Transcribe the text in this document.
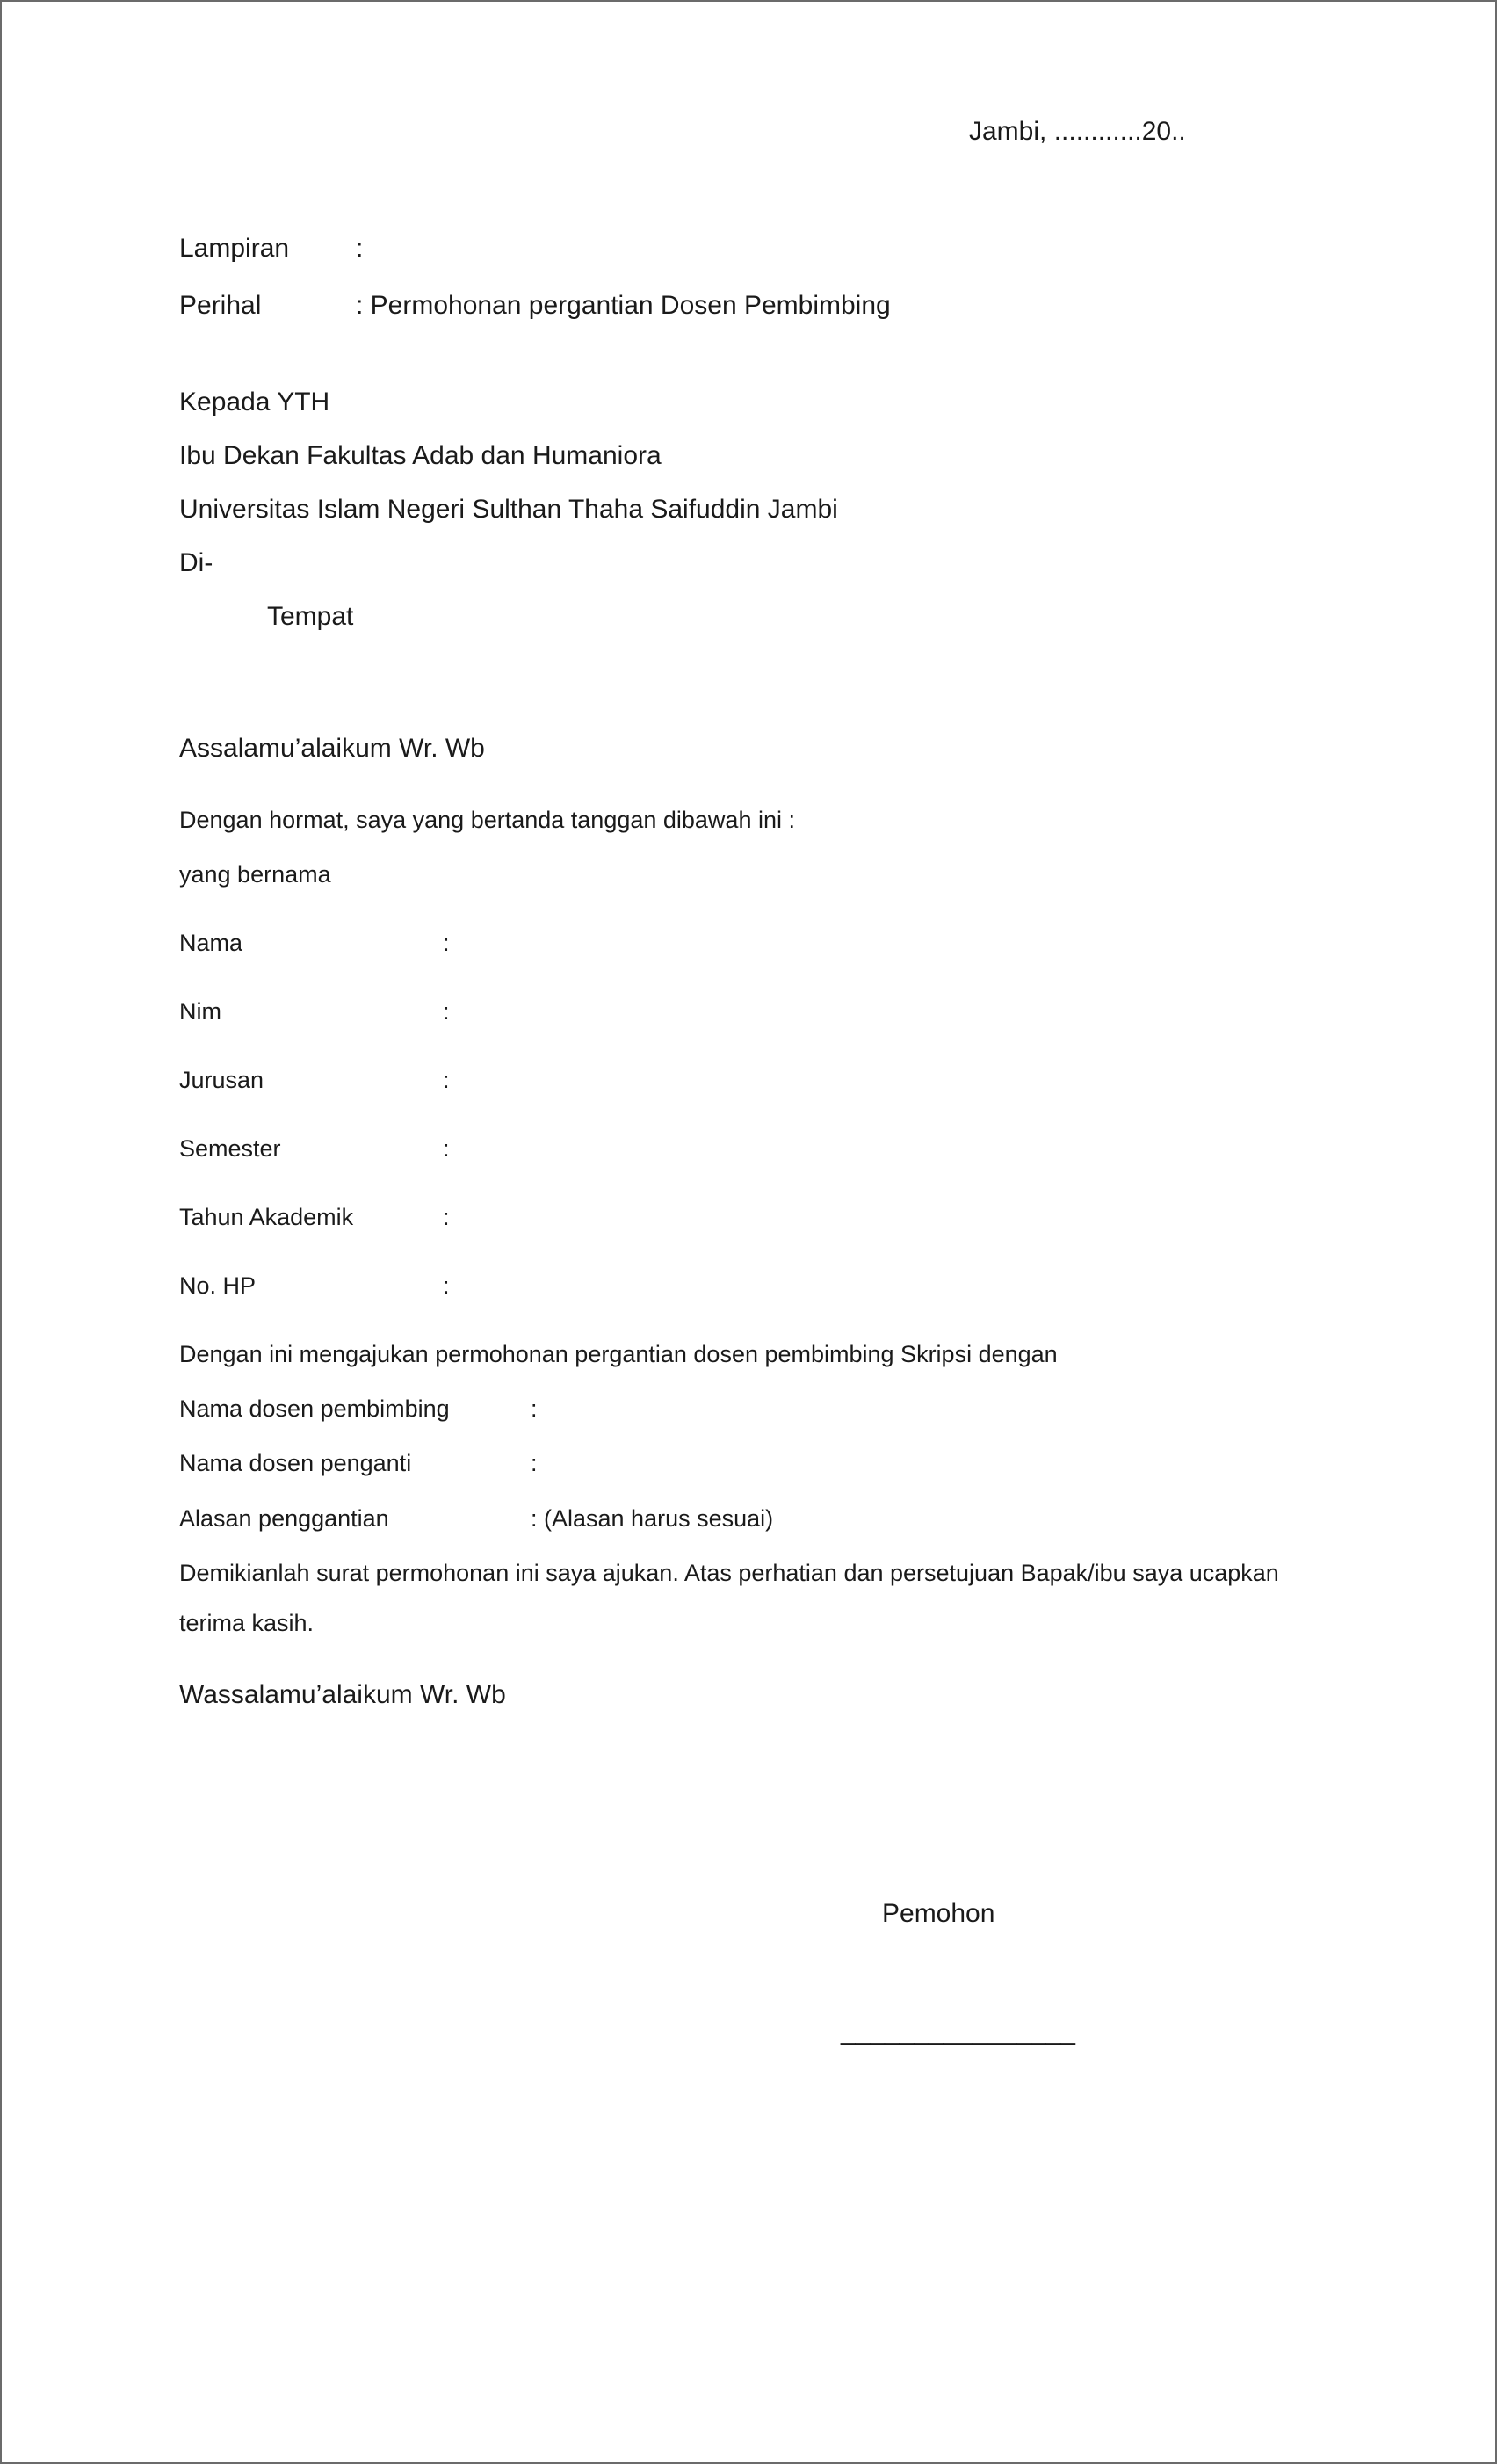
Jambi, ............20..
Lampiran	:
Perihal	: Permohonan pergantian Dosen Pembimbing
Kepada YTH
Ibu Dekan Fakultas Adab dan Humaniora
Universitas Islam Negeri Sulthan Thaha Saifuddin Jambi
Di-
Tempat
Assalamu’alaikum Wr. Wb
Dengan hormat, saya yang bertanda tanggan dibawah ini :
yang bernama
Nama	:
Nim	:
Jurusan	:
Semester	:
Tahun Akademik	:
No. HP	:
Dengan ini mengajukan permohonan pergantian dosen pembimbing Skripsi dengan
Nama dosen pembimbing	:
Nama dosen penganti	:
Alasan penggantian	: (Alasan harus sesuai)
Demikianlah surat permohonan ini saya ajukan. Atas perhatian dan persetujuan Bapak/ibu saya ucapkan
terima kasih.
Wassalamu’alaikum Wr. Wb
Pemohon
________________
